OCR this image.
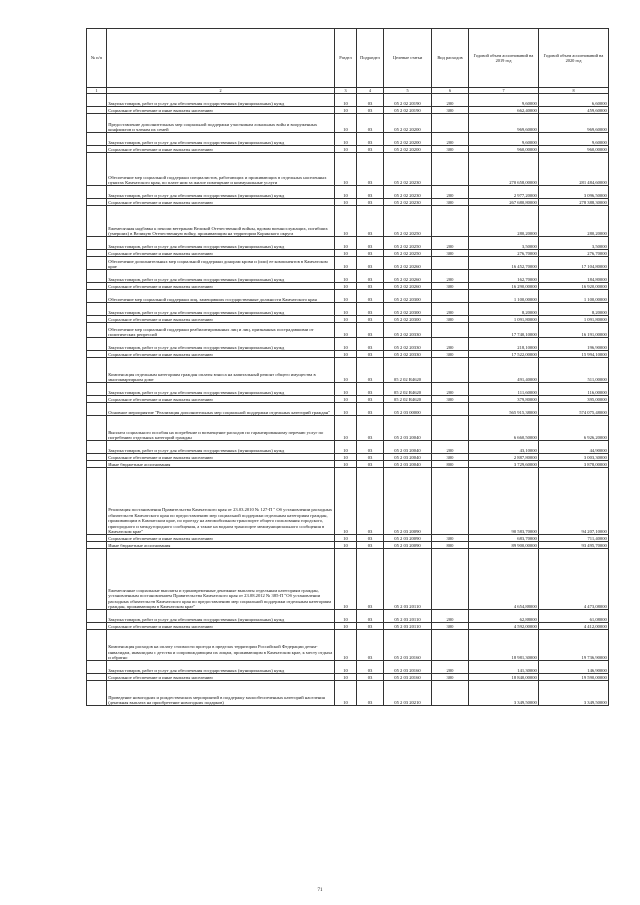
№ п/п		Раздел	Подраздел	Целевые статьи	Вид расходов	Годовой объем ассигнований на 2019 год	Годовой объем ассигнований на 2020 год
1	2	3	4	5	6	7	8
	Закупка товаров, работ и услуг для обеспечения государственных (муниципальных) нужд	10	03	05 2 02 20190	200	9,60000	6,60000
	Социальное обеспечение и иные выплаты населению	10	03	05 2 02 20190	300	662,40000	459,60000
	Предоставление дополнительных мер социальной поддержки участникам локальных войн и вооруженных конфликтов и членам их семей	10	03	05 2 02 20200		969,60000	969,60000
	Закупка товаров, работ и услуг для обеспечения государственных (муниципальных) нужд	10	03	05 2 02 20200	200	9,60000	9,60000
	Социальное обеспечение и иные выплаты населению	10	03	05 2 02 20200	300	960,00000	960,00000
	Обеспечение мер социальной поддержки специалистов, работающих и проживающих в отдельных населенных пунктах Камчатского края, по плате ним за жилое помещение и коммунальные услуги	10	03	05 2 02 20230		270 658,00000	281 484,60000
	Закупка товаров, работ и услуг для обеспечения государственных (муниципальных) нужд	10	03	05 2 02 20230	200	2 977,20000	3 096,50000
	Социальное обеспечение и иные выплаты населению	10	03	05 2 02 20230	300	267 680,80000	278 388,30000
	Ежемесячная надбавка к пенсии ветеранам Великой Отечественной войны, вдовам военнослужащих, погибших (умерших) в Великую Отечественную войну, проживающим на территории Корякского округа	10	03	05 2 02 20250		280,20000	280,20000
	Закупка товаров, работ и услуг для обеспечения государственных (муниципальных) нужд	10	03	05 2 02 20250	200	3,50000	3,50000
	Социальное обеспечение и иные выплаты населению	10	03	05 2 02 20250	300	276,70000	276,70000
	Обеспечение дополнительных мер социальной поддержки донорам крови и (или) ее компонентов в Камчатском крае	10	03	05 2 02 20260		16 452,70000	17 104,80000
	Закупка товаров, работ и услуг для обеспечения государственных (муниципальных) нужд	10	03	05 2 02 20260	200	162,70000	184,80000
	Социальное обеспечение и иные выплаты населению	10	03	05 2 02 20260	300	16 290,00000	16 920,00000
	Обеспечение мер социальной поддержки лиц, замещавших государственные должности Камчатского края	10	03	05 2 02 20300		1 100,00000	1 100,00000
	Закупка товаров, работ и услуг для обеспечения государственных (муниципальных) нужд	10	03	05 2 02 20300	200	8,20000	8,20000
	Социальное обеспечение и иные выплаты населению	10	03	05 2 02 20300	300	1 091,80000	1 091,80000
	Обеспечение мер социальной поддержки реабилитированных лиц и лиц, признанных пострадавшими от политических репрессий	10	03	05 2 02 20330		17 740,10000	16 191,00000
	Закупка товаров, работ и услуг для обеспечения государственных (муниципальных) нужд	10	03	05 2 02 20330	200	218,10000	196,90000
	Социальное обеспечение и иные выплаты населению	10	03	05 2 02 20330	300	17 522,00000	15 994,10000
	Компенсация отдельным категориям граждан оплаты взноса на капитальный ремонт общего имущества в многоквартирном доме	10	03	05 2 02 R4620		491,40000	511,00000
	Закупка товаров, работ и услуг для обеспечения государственных (муниципальных) нужд	10	03	05 2 02 R4620	200	111,60000	116,00000
	Социальное обеспечение и иные выплаты населению	10	03	05 2 02 R4620	300	379,80000	395,00000
	Основное мероприятие "Реализация дополнительных мер социальной поддержки отдельных категорий граждан"	10	03	05 2 03 00000		565 915,38000	574 075,48000
	Выплата социального пособия на погребение и возмещение расходов по гарантированному перечню услуг по погребению отдельных категорий граждан	10	03	05 2 03 20040		6 660,50000	6 926,20000
	Закупка товаров, работ и услуг для обеспечения государственных (муниципальных) нужд	10	03	05 2 03 20040	200	43,10000	44,90000
	Социальное обеспечение и иные выплаты населению	10	03	05 2 03 20040	300	2 887,80000	3 003,30000
	Иные бюджетные ассигнования	10	03	05 2 03 20040	800	3 729,60000	3 878,00000
	Реализация постановления Правительства Камчатского края от 23.03.2010 № 127-П " Об установлении расходных обязательств Камчатского края по предоставлению мер социальной поддержки отдельным категориям граждан, проживающим в Камчатском крае, по проезду на автомобильном транспорте общего пользования городского, пригородного и междугородного сообщения, а также на водном транспорте межмуниципального сообщения в Камчатском крае"	10	03	05 2 03 20090		90 583,70000	94 207,10000
	Социальное обеспечение и иные выплаты населению	10	03	05 2 03 20090	300	683,70000	711,40000
	Иные бюджетные ассигнования	10	03	05 2 03 20090	800	89 900,00000	93 495,70000
	Ежемесячные социальные выплаты и единовременные денежные выплаты отдельным категориям граждан, установленным постановлением Правительства Камчатского края от 23.08.2012 № 385-П "Об установлении расходных обязательств Камчатского края по предоставлению мер социальной поддержки отдельным категориям граждан, проживающим в Камчатском крае"	10	03	05 2 03 20110		4 654,88000	4 473,08000
	Закупка товаров, работ и услуг для обеспечения государственных (муниципальных) нужд	10	03	05 2 03 20110	200	62,88000	61,08000
	Социальное обеспечение и иные выплаты населению	10	03	05 2 03 20110	300	4 592,00000	4 412,00000
	Компенсация расходов на оплату стоимости проезда в пределах территории Российской Федерации детям-инвалидам, инвалидам с детства и сопровождающим их лицам, проживающим в Камчатском крае, к месту отдыха и обратно	10	03	05 2 03 20160		18 981,30000	19 736,90000
	Закупка товаров, работ и услуг для обеспечения государственных (муниципальных) нужд	10	03	05 2 03 20160	200	141,30000	146,90000
	Социальное обеспечение и иные выплаты населению	10	03	05 2 03 20160	300	18 840,00000	19 590,00000
	Проведение новогодних и рождественских мероприятий в поддержку малообеспеченных категорий населения (денежная выплата на приобретение новогодних подарков)	10	03	05 2 03 20210		3 349,50000	3 349,50000
71
